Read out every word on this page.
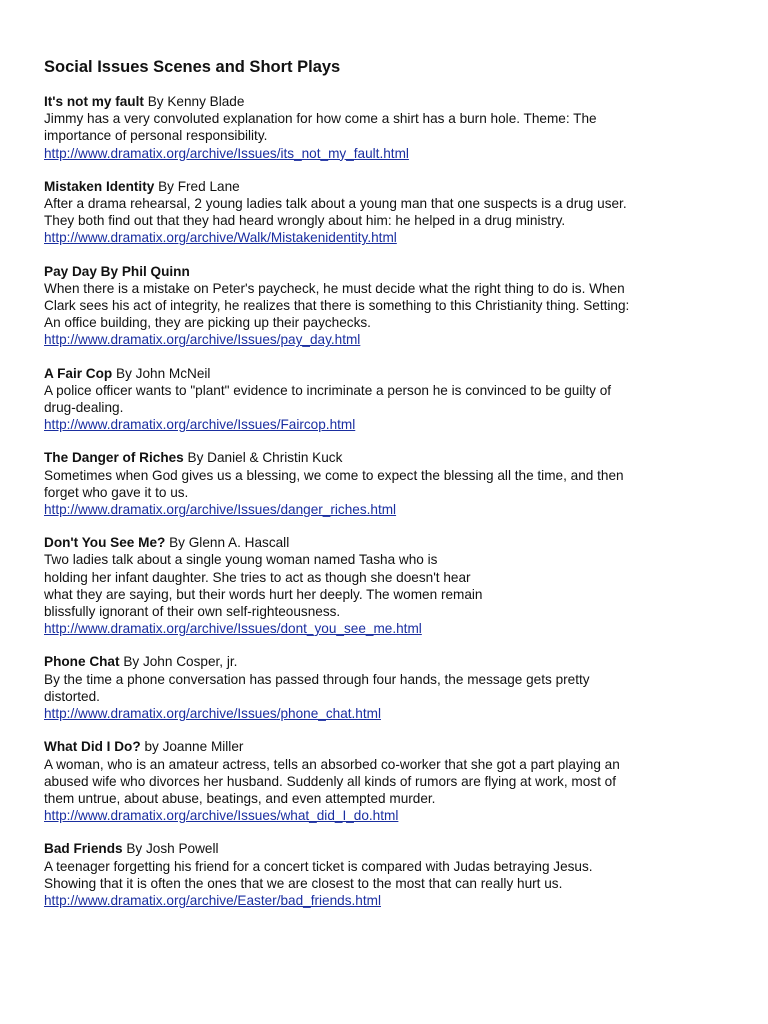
Social Issues Scenes and Short Plays

It's not my fault By Kenny Blade
Jimmy has a very convoluted explanation for how come a shirt has a burn hole. Theme: The
importance of personal responsibility.

http://www.dramatix.org/archive/Issues/its_not_my_fault.html

Mistaken Identity By Fred Lane
After a drama rehearsal, 2 young ladies talk about a young man that one suspects is a drug user.
They both find out that they had heard wrongly about him: he helped in a drug ministry.

http://www.dramatix.org/archive/Walk/Mistakenidentity.html

Pay Day By Phil Quinn
When there is a mistake on Peter's paycheck, he must decide what the right thing to do is. When
Clark sees his act of integrity, he realizes that there is something to this Christianity thing. Setting:
An office building, they are picking up their paychecks.

http://www.dramatix.org/archive/Issues/pay_day.html

A Fair Cop By John McNeil
A police officer wants to "plant" evidence to incriminate a person he is convinced to be guilty of
drug-dealing.

http://www.dramatix.org/archive/Issues/Faircop.html

The Danger of Riches By Daniel & Christin Kuck
Sometimes when God gives us a blessing, we come to expect the blessing all the time, and then
forget who gave it to us.

http://www.dramatix.org/archive/Issues/danger_riches.html

Don't You See Me? By Glenn A. Hascall
Two ladies talk about a single young woman named Tasha who is
holding her infant daughter. She tries to act as though she doesn't hear
what they are saying, but their words hurt her deeply. The women remain
blissfully ignorant of their own self-righteousness.

http://www.dramatix.org/archive/Issues/dont_you_see_me.html

Phone Chat By John Cosper, jr.
By the time a phone conversation has passed through four hands, the message gets pretty
distorted.

http://www.dramatix.org/archive/Issues/phone_chat.html

What Did I Do? by Joanne Miller
A woman, who is an amateur actress, tells an absorbed co-worker that she got a part playing an
abused wife who divorces her husband. Suddenly all kinds of rumors are flying at work, most of
them untrue, about abuse, beatings, and even attempted murder.

http://www.dramatix.org/archive/Issues/what_did_I_do.html

Bad Friends By Josh Powell
A teenager forgetting his friend for a concert ticket is compared with Judas betraying Jesus.
Showing that it is often the ones that we are closest to the most that can really hurt us.

http://www.dramatix.org/archive/Easter/bad_friends.html
